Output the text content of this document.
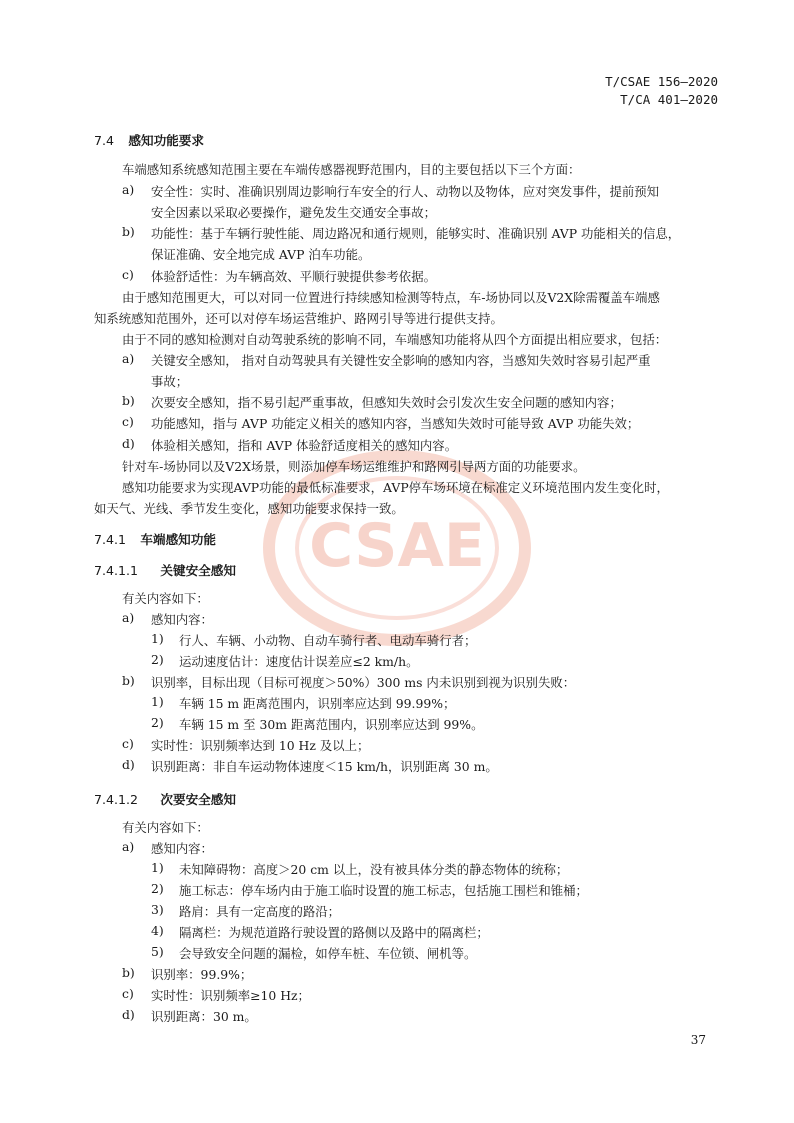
CSAE
T/CSAE 156—2020
T/CA 401—2020
7.4 感知功能要求
车端感知系统感知范围主要在车端传感器视野范围内，目的主要包括以下三个方面：
a) 安全性：实时、准确识别周边影响行车安全的行人、动物以及物体，应对突发事件，提前预知
安全因素以采取必要操作，避免发生交通安全事故；
b) 功能性：基于车辆行驶性能、周边路况和通行规则，能够实时、准确识别 AVP 功能相关的信息，
保证准确、安全地完成 AVP 泊车功能。
c) 体验舒适性：为车辆高效、平顺行驶提供参考依据。
由于感知范围更大，可以对同一位置进行持续感知检测等特点，车-场协同以及V2X除需覆盖车端感
知系统感知范围外，还可以对停车场运营维护、路网引导等进行提供支持。
由于不同的感知检测对自动驾驶系统的影响不同，车端感知功能将从四个方面提出相应要求，包括：
a) 关键安全感知， 指对自动驾驶具有关键性安全影响的感知内容，当感知失效时容易引起严重
事故；
b) 次要安全感知，指不易引起严重事故，但感知失效时会引发次生安全问题的感知内容；
c) 功能感知，指与 AVP 功能定义相关的感知内容，当感知失效时可能导致 AVP 功能失效；
d) 体验相关感知，指和 AVP 体验舒适度相关的感知内容。
针对车-场协同以及V2X场景，则添加停车场运维维护和路网引导两方面的功能要求。
感知功能要求为实现AVP功能的最低标准要求，AVP停车场环境在标准定义环境范围内发生变化时，
如天气、光线、季节发生变化，感知功能要求保持一致。
7.4.1 车端感知功能
7.4.1.1 关键安全感知
有关内容如下：
a) 感知内容：
1) 行人、车辆、小动物、自动车骑行者、电动车骑行者；
2) 运动速度估计：速度估计误差应≤2 km/h。
b) 识别率，目标出现（目标可视度＞50%）300 ms 内未识别到视为识别失败：
1) 车辆 15 m 距离范围内，识别率应达到 99.99%；
2) 车辆 15 m 至 30m 距离范围内，识别率应达到 99%。
c) 实时性：识别频率达到 10 Hz 及以上；
d) 识别距离：非自车运动物体速度＜15 km/h，识别距离 30 m。
7.4.1.2 次要安全感知
有关内容如下：
a) 感知内容：
1) 未知障碍物：高度＞20 cm 以上，没有被具体分类的静态物体的统称；
2) 施工标志：停车场内由于施工临时设置的施工标志，包括施工围栏和锥桶；
3) 路肩：具有一定高度的路沿；
4) 隔离栏：为规范道路行驶设置的路侧以及路中的隔离栏；
5) 会导致安全问题的漏检，如停车桩、车位锁、闸机等。
b) 识别率：99.9%；
c) 实时性：识别频率≥10 Hz；
d) 识别距离：30 m。
37
